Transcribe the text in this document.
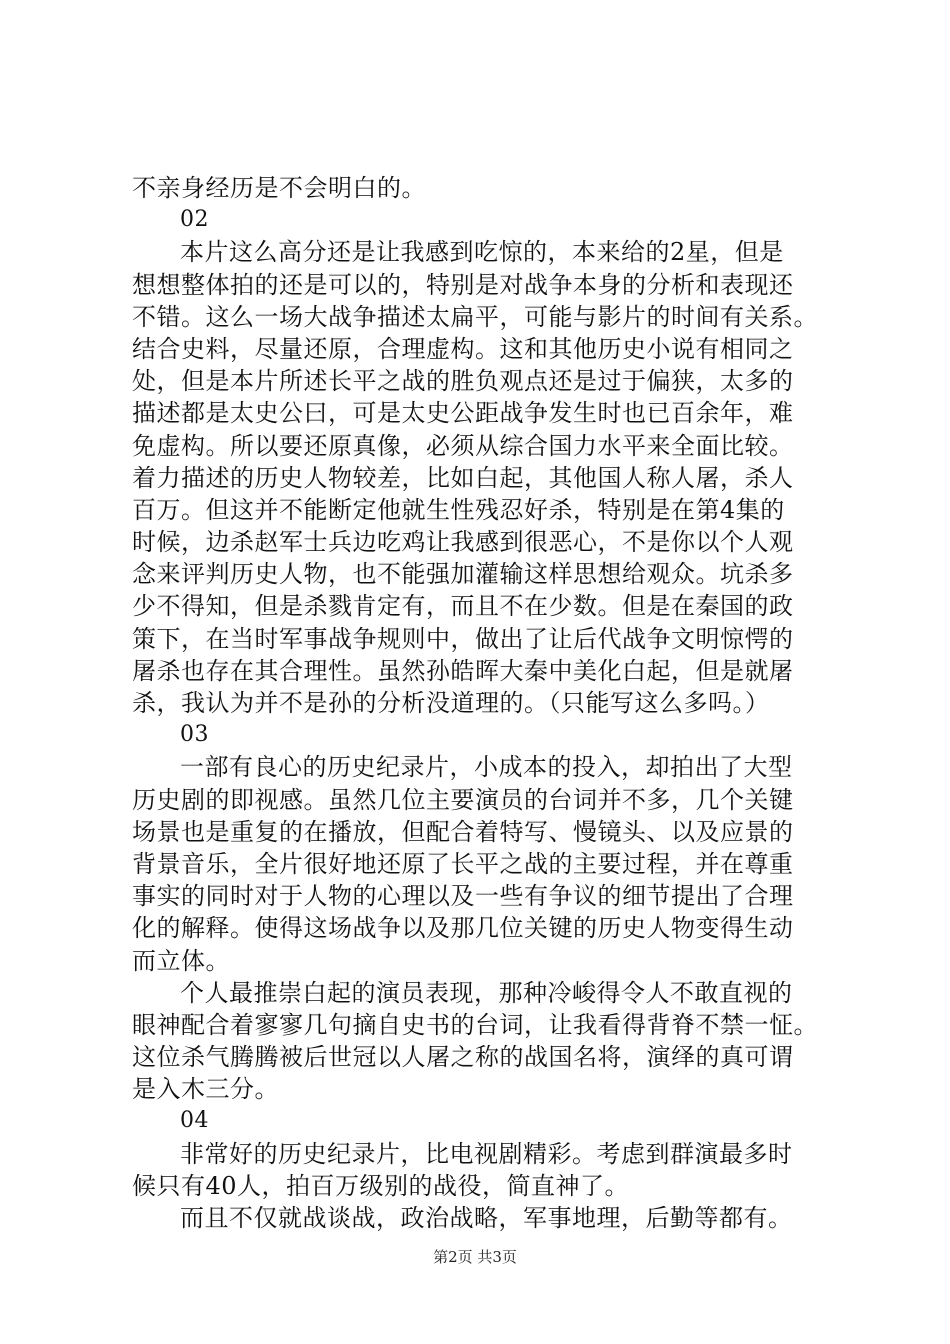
不亲身经历是不会明白的。
02
本片这么高分还是让我感到吃惊的，本来给的2星，但是
想想整体拍的还是可以的，特别是对战争本身的分析和表现还
不错。这么一场大战争描述太扁平，可能与影片的时间有关系。
结合史料，尽量还原，合理虚构。这和其他历史小说有相同之
处，但是本片所述长平之战的胜负观点还是过于偏狭，太多的
描述都是太史公曰，可是太史公距战争发生时也已百余年，难
免虚构。所以要还原真像，必须从综合国力水平来全面比较。
着力描述的历史人物较差，比如白起，其他国人称人屠，杀人
百万。但这并不能断定他就生性残忍好杀，特别是在第4集的
时候，边杀赵军士兵边吃鸡让我感到很恶心，不是你以个人观
念来评判历史人物，也不能强加灌输这样思想给观众。坑杀多
少不得知，但是杀戮肯定有，而且不在少数。但是在秦国的政
策下，在当时军事战争规则中，做出了让后代战争文明惊愕的
屠杀也存在其合理性。虽然孙皓晖大秦中美化白起，但是就屠
杀，我认为并不是孙的分析没道理的。（只能写这么多吗。）
03
一部有良心的历史纪录片，小成本的投入，却拍出了大型
历史剧的即视感。虽然几位主要演员的台词并不多，几个关键
场景也是重复的在播放，但配合着特写、慢镜头、以及应景的
背景音乐，全片很好地还原了长平之战的主要过程，并在尊重
事实的同时对于人物的心理以及一些有争议的细节提出了合理
化的解释。使得这场战争以及那几位关键的历史人物变得生动
而立体。
个人最推崇白起的演员表现，那种冷峻得令人不敢直视的
眼神配合着寥寥几句摘自史书的台词，让我看得背脊不禁一怔。
这位杀气腾腾被后世冠以人屠之称的战国名将，演绎的真可谓
是入木三分。
04
非常好的历史纪录片，比电视剧精彩。考虑到群演最多时
候只有40人，拍百万级别的战役，简直神了。
而且不仅就战谈战，政治战略，军事地理，后勤等都有。
第2页 共3页
